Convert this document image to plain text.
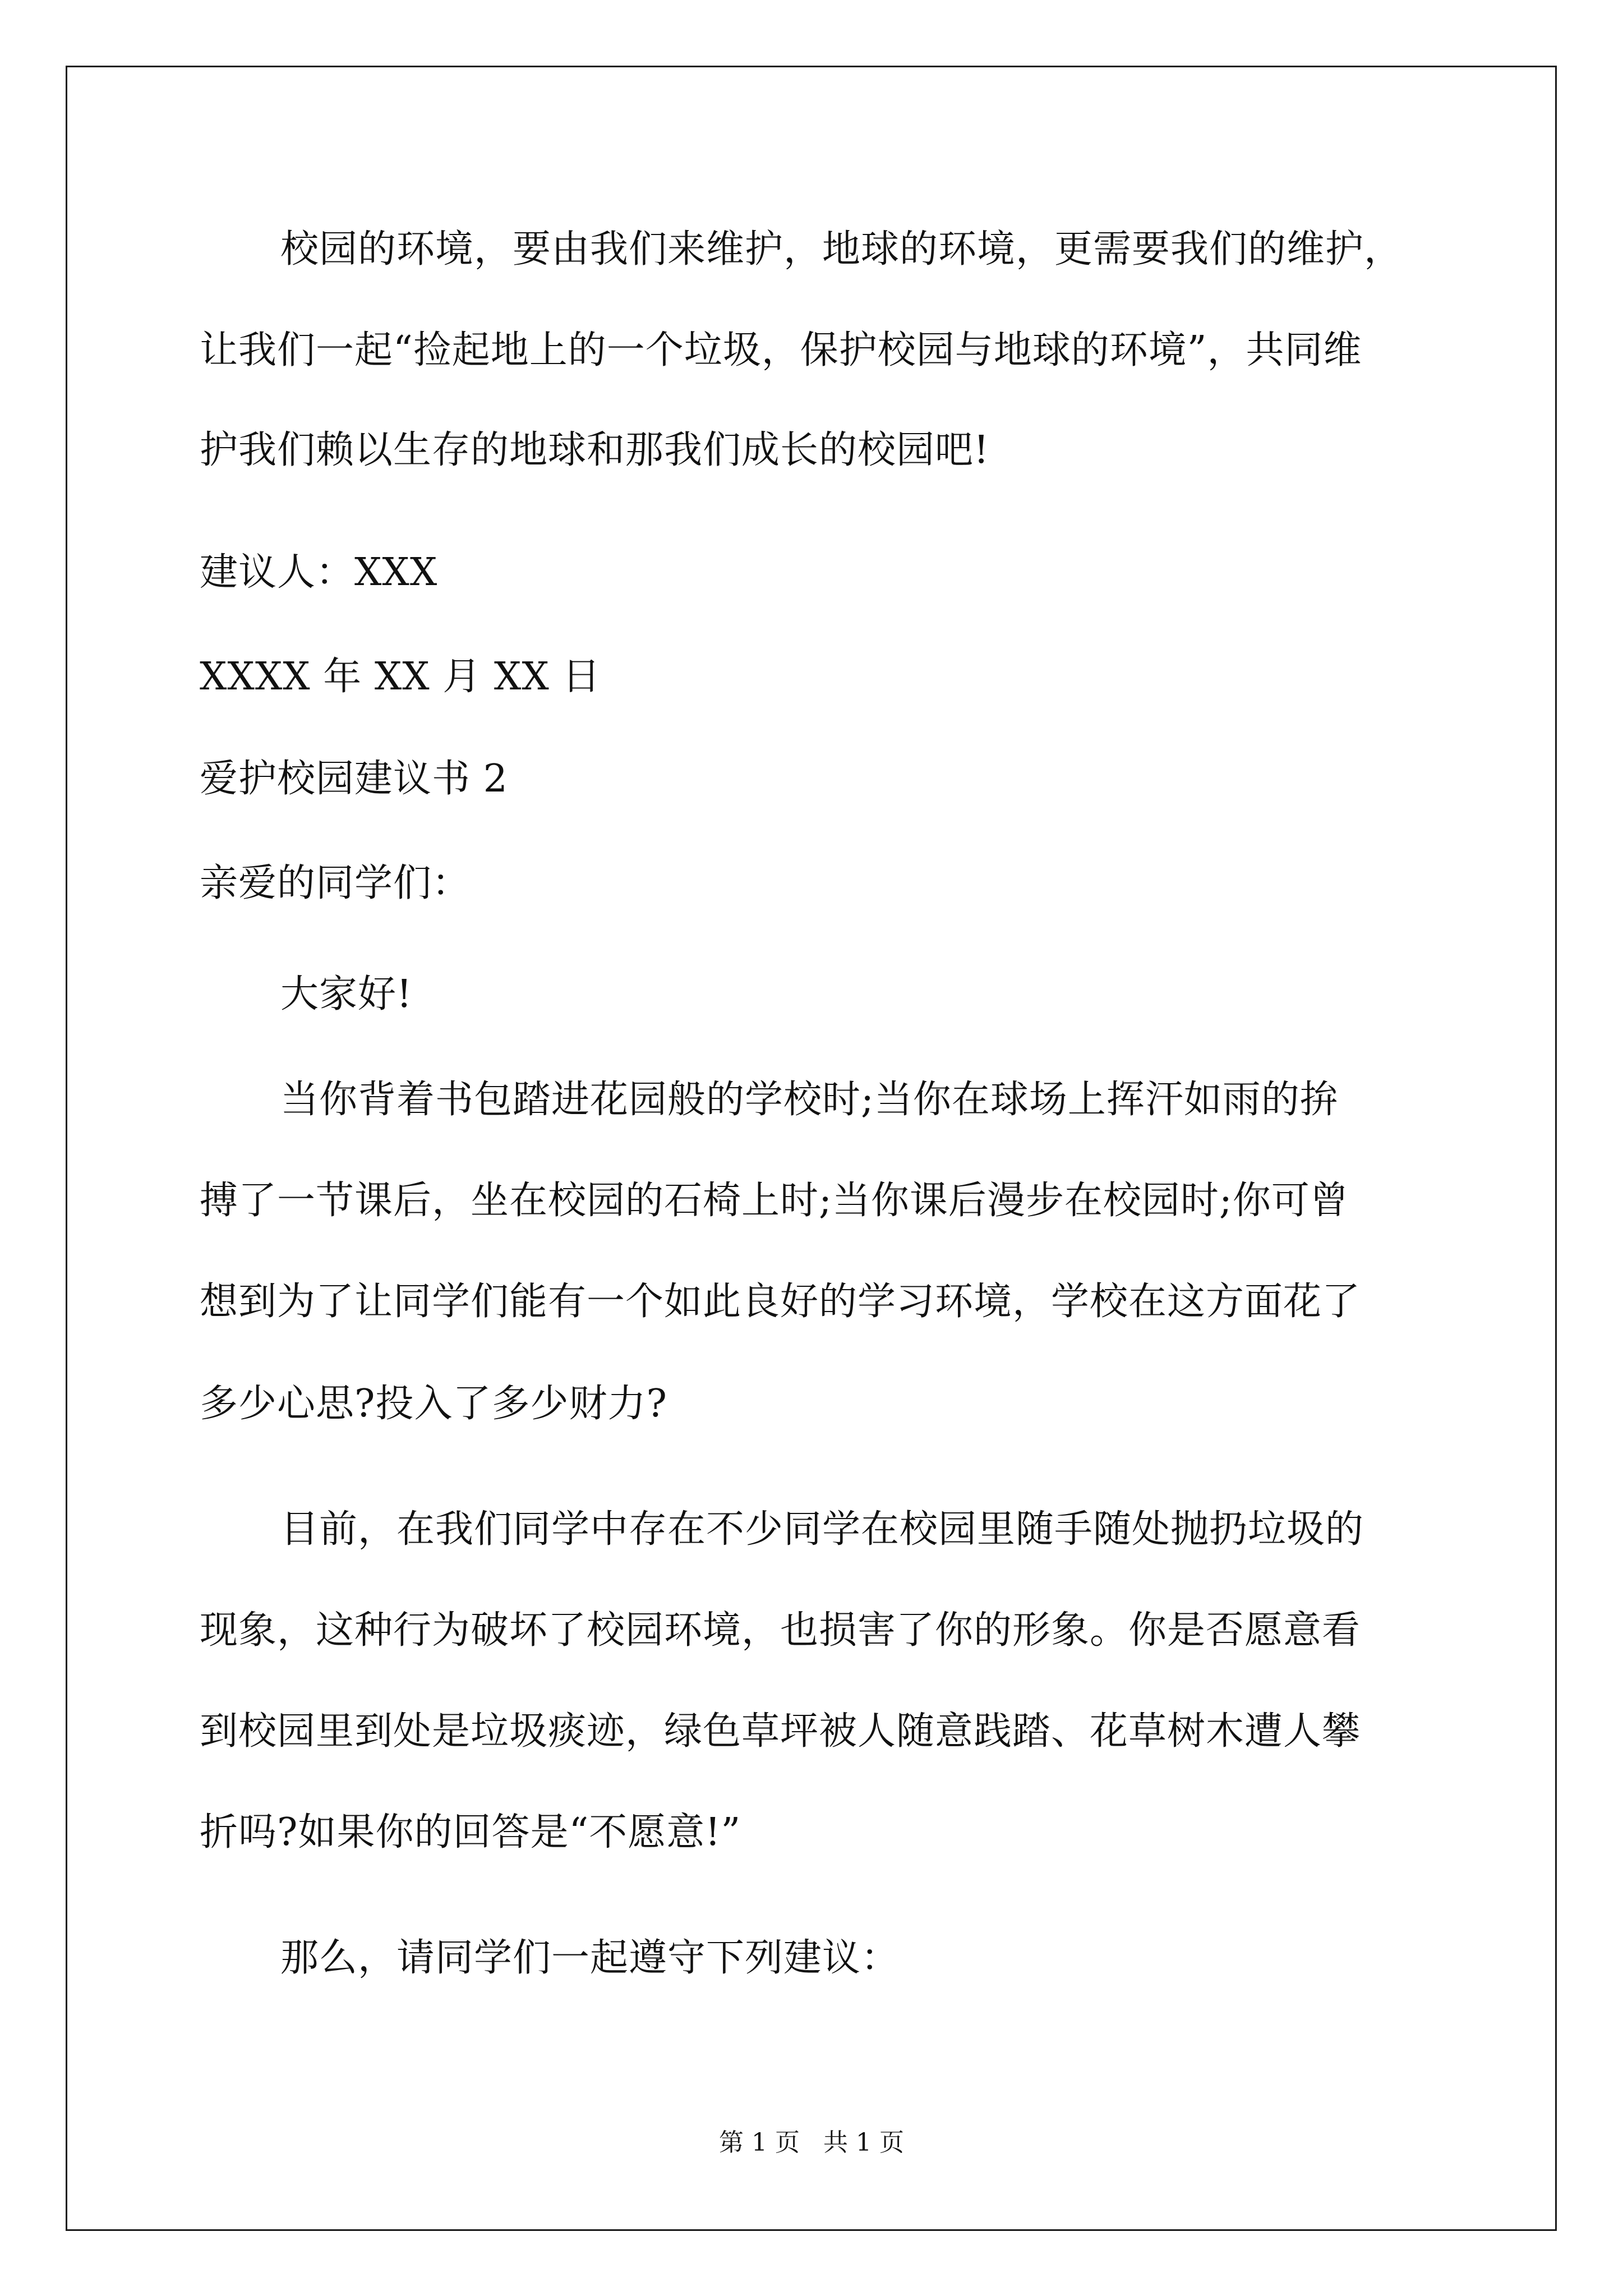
校园的环境，要由我们来维护，地球的环境，更需要我们的维护，
让我们一起“捡起地上的一个垃圾，保护校园与地球的环境”，共同维
护我们赖以生存的地球和那我们成长的校园吧!
建议人：XXX
XXXX 年 XX 月 XX 日
爱护校园建议书 2
亲爱的同学们：
大家好!
当你背着书包踏进花园般的学校时;当你在球场上挥汗如雨的拚
搏了一节课后，坐在校园的石椅上时;当你课后漫步在校园时;你可曾
想到为了让同学们能有一个如此良好的学习环境，学校在这方面花了
多少心思?投入了多少财力?
目前，在我们同学中存在不少同学在校园里随手随处抛扔垃圾的
现象，这种行为破坏了校园环境，也损害了你的形象。你是否愿意看
到校园里到处是垃圾痰迹，绿色草坪被人随意践踏、花草树木遭人攀
折吗?如果你的回答是“不愿意!”
那么，请同学们一起遵守下列建议：
第 1 页   共 1 页
